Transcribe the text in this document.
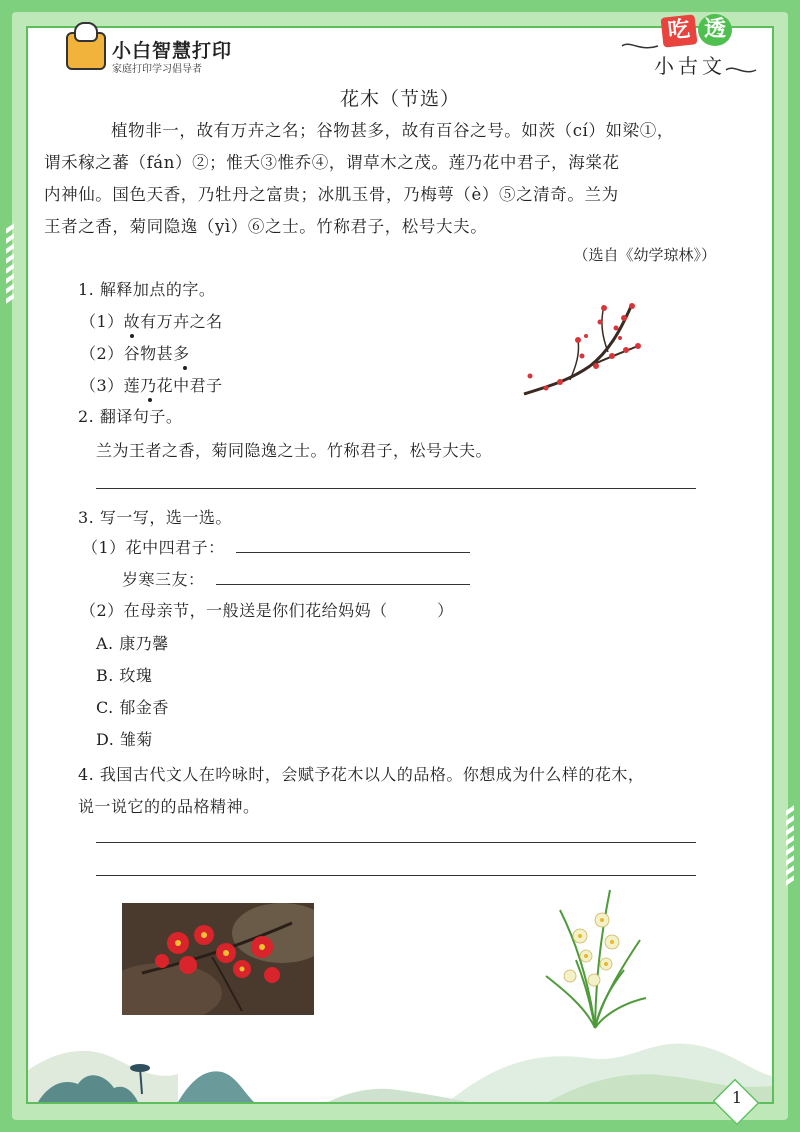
小白智慧打印
家庭打印学习倡导者
吃 透
小古文
花木（节选）

植物非一，故有万卉之名；谷物甚多，故有百谷之号。如茨（cí）如梁①，

谓禾稼之蕃（fán）②；惟夭③惟乔④，谓草木之茂。莲乃花中君子，海棠花

内神仙。国色天香，乃牡丹之富贵；冰肌玉骨，乃梅萼（è）⑤之清奇。兰为

王者之香，菊同隐逸（yì）⑥之士。竹称君子，松号大夫。

（选自《幼学琼林》）
1. 解释加点的字。
（1）故有万卉之名
（2）谷物甚多
（3）莲乃花中君子
2. 翻译句子。
兰为王者之香，菊同隐逸之士。竹称君子，松号大夫。
3. 写一写，选一选。
（1）花中四君子：
岁寒三友：
（2）在母亲节，一般送是你们花给妈妈（　　　）
A. 康乃馨
B. 玫瑰
C. 郁金香
D. 雏菊
4. 我国古代文人在吟咏时，会赋予花木以人的品格。你想成为什么样的花木，
说一说它的的品格精神。
1
